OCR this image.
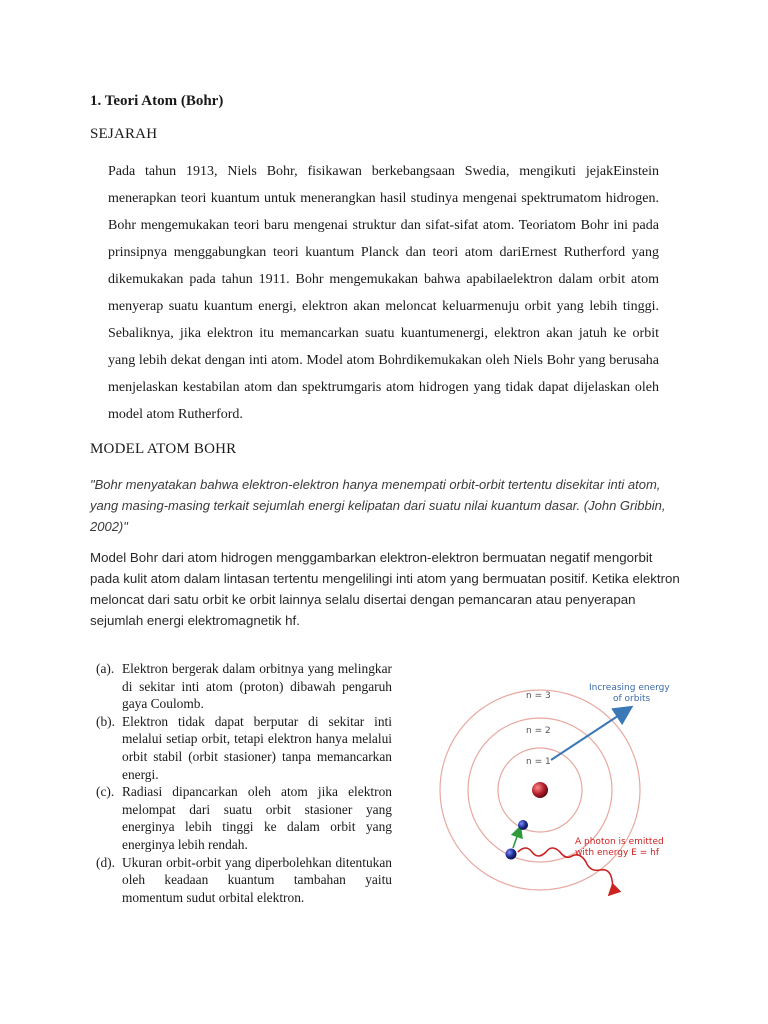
1. Teori Atom (Bohr)
SEJARAH
Pada tahun 1913, Niels Bohr, fisikawan berkebangsaan Swedia, mengikuti jejakEinstein menerapkan teori kuantum untuk menerangkan hasil studinya mengenai spektrumatom hidrogen. Bohr mengemukakan teori baru mengenai struktur dan sifat-sifat atom. Teoriatom Bohr ini pada prinsipnya menggabungkan teori kuantum Planck dan teori atom dariErnest Rutherford yang dikemukakan pada tahun 1911. Bohr mengemukakan bahwa apabilaelektron dalam orbit atom menyerap suatu kuantum energi, elektron akan meloncat keluarmenuju orbit yang lebih tinggi. Sebaliknya, jika elektron itu memancarkan suatu kuantumenergi, elektron akan jatuh ke orbit yang lebih dekat dengan inti atom. Model atom Bohrdikemukakan oleh Niels Bohr yang berusaha menjelaskan kestabilan atom dan spektrumgaris atom hidrogen yang tidak dapat dijelaskan oleh model atom Rutherford.
MODEL ATOM BOHR
"Bohr menyatakan bahwa elektron-elektron hanya menempati orbit-orbit tertentu disekitar inti atom, yang masing-masing terkait sejumlah energi kelipatan dari suatu nilai kuantum dasar. (John Gribbin, 2002)"
Model Bohr dari atom hidrogen menggambarkan elektron-elektron bermuatan negatif mengorbit pada kulit atom dalam lintasan tertentu mengelilingi inti atom yang bermuatan positif. Ketika elektron meloncat dari satu orbit ke orbit lainnya selalu disertai dengan pemancaran atau penyerapan sejumlah energi elektromagnetik hf.
(a). Elektron bergerak dalam orbitnya yang melingkar di sekitar inti atom (proton) dibawah pengaruh gaya Coulomb.
(b). Elektron tidak dapat berputar di sekitar inti melalui setiap orbit, tetapi elektron hanya melalui orbit stabil (orbit stasioner) tanpa memancarkan energi.
(c). Radiasi dipancarkan oleh atom jika elektron melompat dari suatu orbit stasioner yang energinya lebih tinggi ke dalam orbit yang energinya lebih rendah.
(d). Ukuran orbit-orbit yang diperbolehkan ditentukan oleh keadaan kuantum tambahan yaitu momentum sudut orbital elektron.
n = 3
n = 2
n = 1
Increasing energy
of orbits
A photon is emitted
with energy E = hf
